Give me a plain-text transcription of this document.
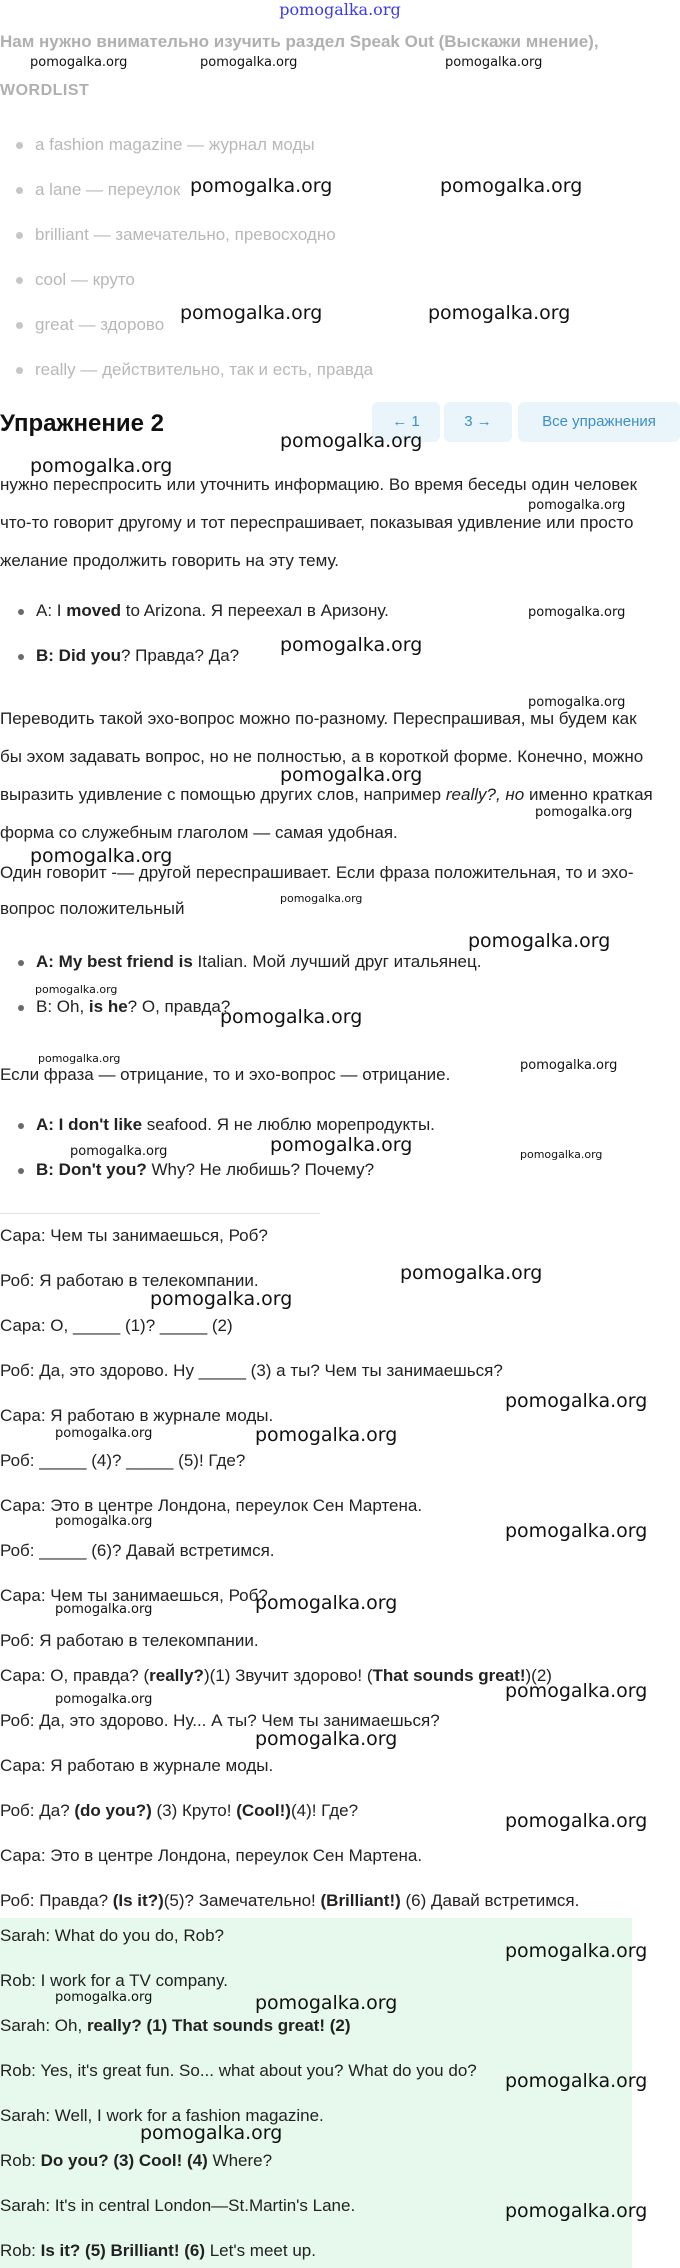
pomogalka.org
Нам нужно внимательно изучить раздел Speak Out (Выскажи мнение),
WORDLIST
a fashion magazine — журнал моды
a lane — переулок
brilliant — замечательно, превосходно
cool — круто
great — здорово
really — действительно, так и есть, правда
Упражнение 2	← 1	3 →	Все упражнения
нужно переспросить или уточнить информацию. Во время беседы один человек что-то говорит другому и тот переспрашивает, показывая удивление или просто желание продолжить говорить на эту тему.
A: I moved to Arizona. Я переехал в Аризону.
B: Did you? Правда? Да?
Переводить такой эхо-вопрос можно по-разному. Переспрашивая, мы будем как бы эхом задавать вопрос, но не полностью, а в короткой форме. Конечно, можно выразить удивление с помощью других слов, например really?, но именно краткая форма со служебным глаголом — самая удобная.
Один говорит -— другой переспрашивает. Если фраза положительная, то и эхо-вопрос положительный
A: My best friend is Italian. Мой лучший друг итальянец.
B: Oh, is he? О, правда?
Если фраза — отрицание, то и эхо-вопрос — отрицание.
A: I don't like seafood. Я не люблю морепродукты.
B: Don't you? Why? Не любишь? Почему?
Сара: Чем ты занимаешься, Роб?
Роб: Я работаю в телекомпании.
Сара: О, _____ (1)? _____ (2)
Роб: Да, это здорово. Ну _____ (3) а ты? Чем ты занимаешься?
Сара: Я работаю в журнале моды.
Роб: _____ (4)? _____ (5)! Где?
Сара: Это в центре Лондона, переулок Сен Мартена.
Роб: _____ (6)? Давай встретимся.
Сара: Чем ты занимаешься, Роб?
Роб: Я работаю в телекомпании.
Сара: О, правда? (really?)(1) Звучит здорово! (That sounds great!)(2)
Роб: Да, это здорово. Ну... А ты? Чем ты занимаешься?
Сара: Я работаю в журнале моды.
Роб: Да? (do you?) (3) Круто! (Cool!)(4)! Где?
Сара: Это в центре Лондона, переулок Сен Мартена.
Роб: Правда? (Is it?)(5)? Замечательно! (Brilliant!) (6) Давай встретимся.
Sarah: What do you do, Rob?
Rob: I work for a TV company.
Sarah: Oh, really? (1) That sounds great! (2)
Rob: Yes, it's great fun. So... what about you? What do you do?
Sarah: Well, I work for a fashion magazine.
Rob: Do you? (3) Cool! (4) Where?
Sarah: It's in central London—St.Martin's Lane.
Rob: Is it? (5) Brilliant! (6) Let's meet up.
pomogalka.org	pomogalka.org	pomogalka.org
pomogalka.org	pomogalka.org
pomogalka.org	pomogalka.org
pomogalka.org
pomogalka.org
pomogalka.org
pomogalka.org
pomogalka.org
pomogalka.org
pomogalka.org
pomogalka.org
pomogalka.org
pomogalka.org
pomogalka.org
pomogalka.org
pomogalka.org
pomogalka.org	pomogalka.org
pomogalka.org	pomogalka.org	pomogalka.org
pomogalka.org
pomogalka.org
pomogalka.org
pomogalka.org	pomogalka.org
pomogalka.org	pomogalka.org
pomogalka.org	pomogalka.org
pomogalka.org
pomogalka.org
pomogalka.org
pomogalka.org
pomogalka.org
pomogalka.org	pomogalka.org
pomogalka.org
pomogalka.org
pomogalka.org
